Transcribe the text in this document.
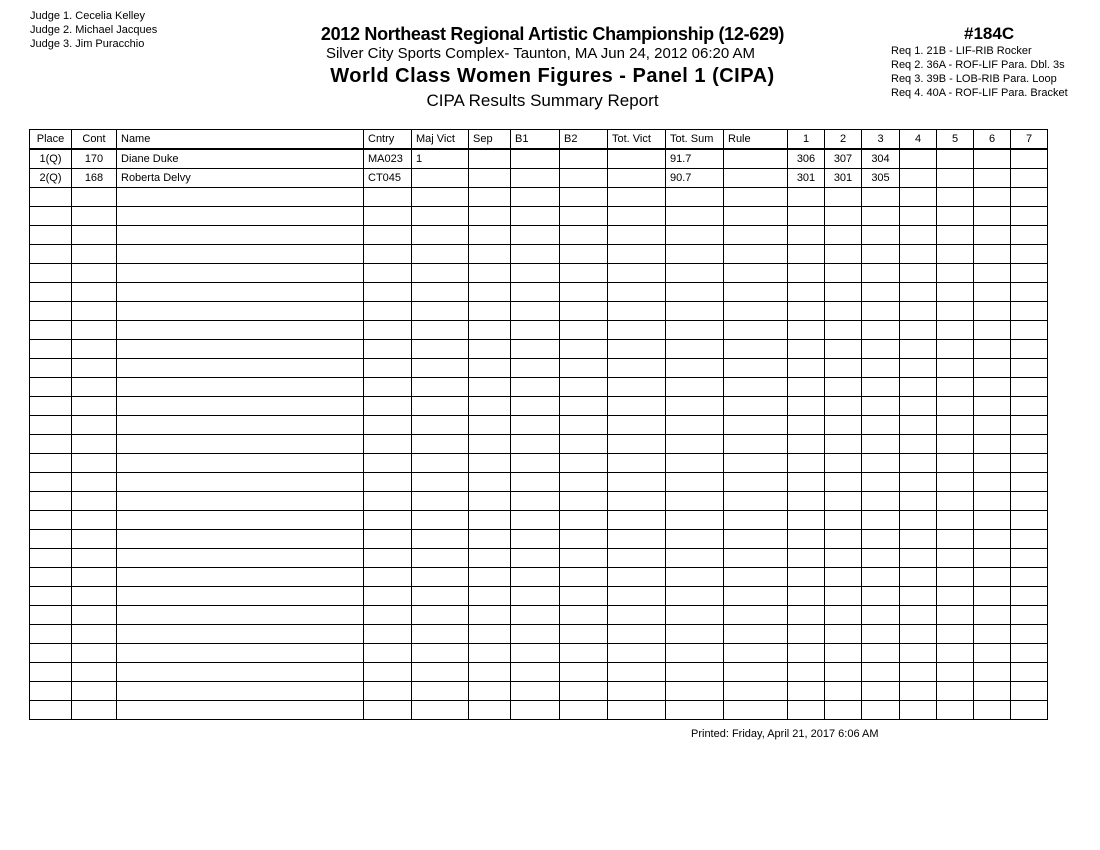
Judge 1. Cecelia Kelley
Judge 2. Michael Jacques
Judge 3. Jim Puracchio	2012 Northeast Regional Artistic Championship (12-629)
Silver City Sports Complex- Taunton, MA Jun 24, 2012 06:20 AM
World Class Women Figures - Panel 1 (CIPA)
CIPA Results Summary Report
#184C
Req 1. 21B - LIF-RIB Rocker
Req 2. 36A - ROF-LIF Para. Dbl. 3s
Req 3. 39B - LOB-RIB Para. Loop
Req 4. 40A - ROF-LIF Para. Bracket
Place	Cont	Name	Cntry	Maj Vict	Sep	B1	B2	Tot. Vict	Tot. Sum	Rule	1	2	3	4	5	6	7
1(Q)	170	Diane Duke	MA023	1					91.7		306	307	304				
2(Q)	168	Roberta Delvy	CT045						90.7		301	301	305				

Printed: Friday, April 21, 2017 6:06 AM
